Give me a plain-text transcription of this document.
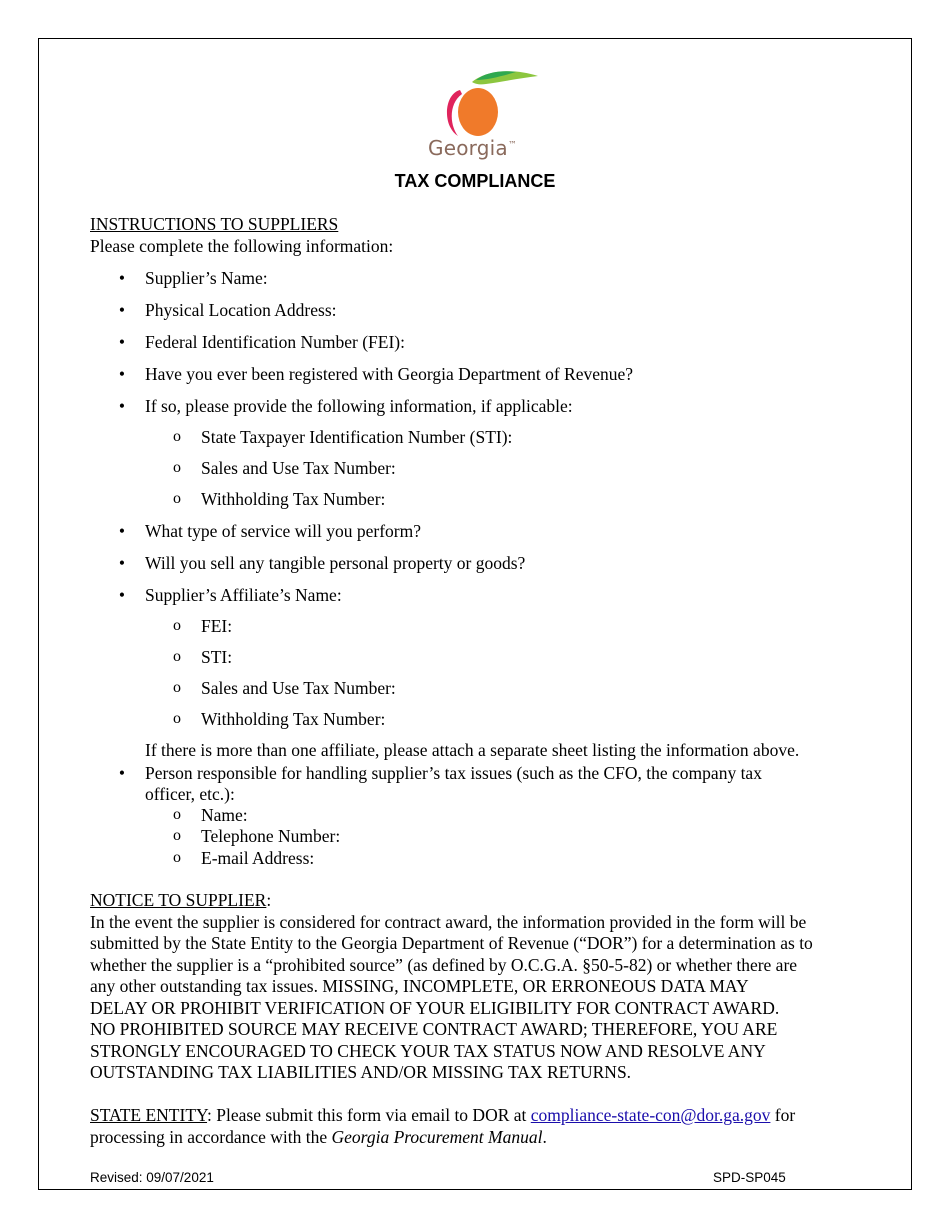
Georgia™
TAX COMPLIANCE
INSTRUCTIONS TO SUPPLIERS
Please complete the following information:
• Supplier’s Name:
• Physical Location Address:
• Federal Identification Number (FEI):
• Have you ever been registered with Georgia Department of Revenue?
• If so, please provide the following information, if applicable:
o State Taxpayer Identification Number (STI):
o Sales and Use Tax Number:
o Withholding Tax Number:
• What type of service will you perform?
• Will you sell any tangible personal property or goods?
• Supplier’s Affiliate’s Name:
o FEI:
o STI:
o Sales and Use Tax Number:
o Withholding Tax Number:
If there is more than one affiliate, please attach a separate sheet listing the information above.
• Person responsible for handling supplier’s tax issues (such as the CFO, the company tax
officer, etc.):
o Name:
o Telephone Number:
o E-mail Address:
NOTICE TO SUPPLIER:
In the event the supplier is considered for contract award, the information provided in the form will be
submitted by the State Entity to the Georgia Department of Revenue (“DOR”) for a determination as to
whether the supplier is a “prohibited source” (as defined by O.C.G.A. §50-5-82) or whether there are
any other outstanding tax issues. MISSING, INCOMPLETE, OR ERRONEOUS DATA MAY
DELAY OR PROHIBIT VERIFICATION OF YOUR ELIGIBILITY FOR CONTRACT AWARD.
NO PROHIBITED SOURCE MAY RECEIVE CONTRACT AWARD; THEREFORE, YOU ARE
STRONGLY ENCOURAGED TO CHECK YOUR TAX STATUS NOW AND RESOLVE ANY
OUTSTANDING TAX LIABILITIES AND/OR MISSING TAX RETURNS.
STATE ENTITY: Please submit this form via email to DOR at compliance-state-con@dor.ga.gov for
processing in accordance with the Georgia Procurement Manual.
Revised: 09/07/2021	SPD-SP045
